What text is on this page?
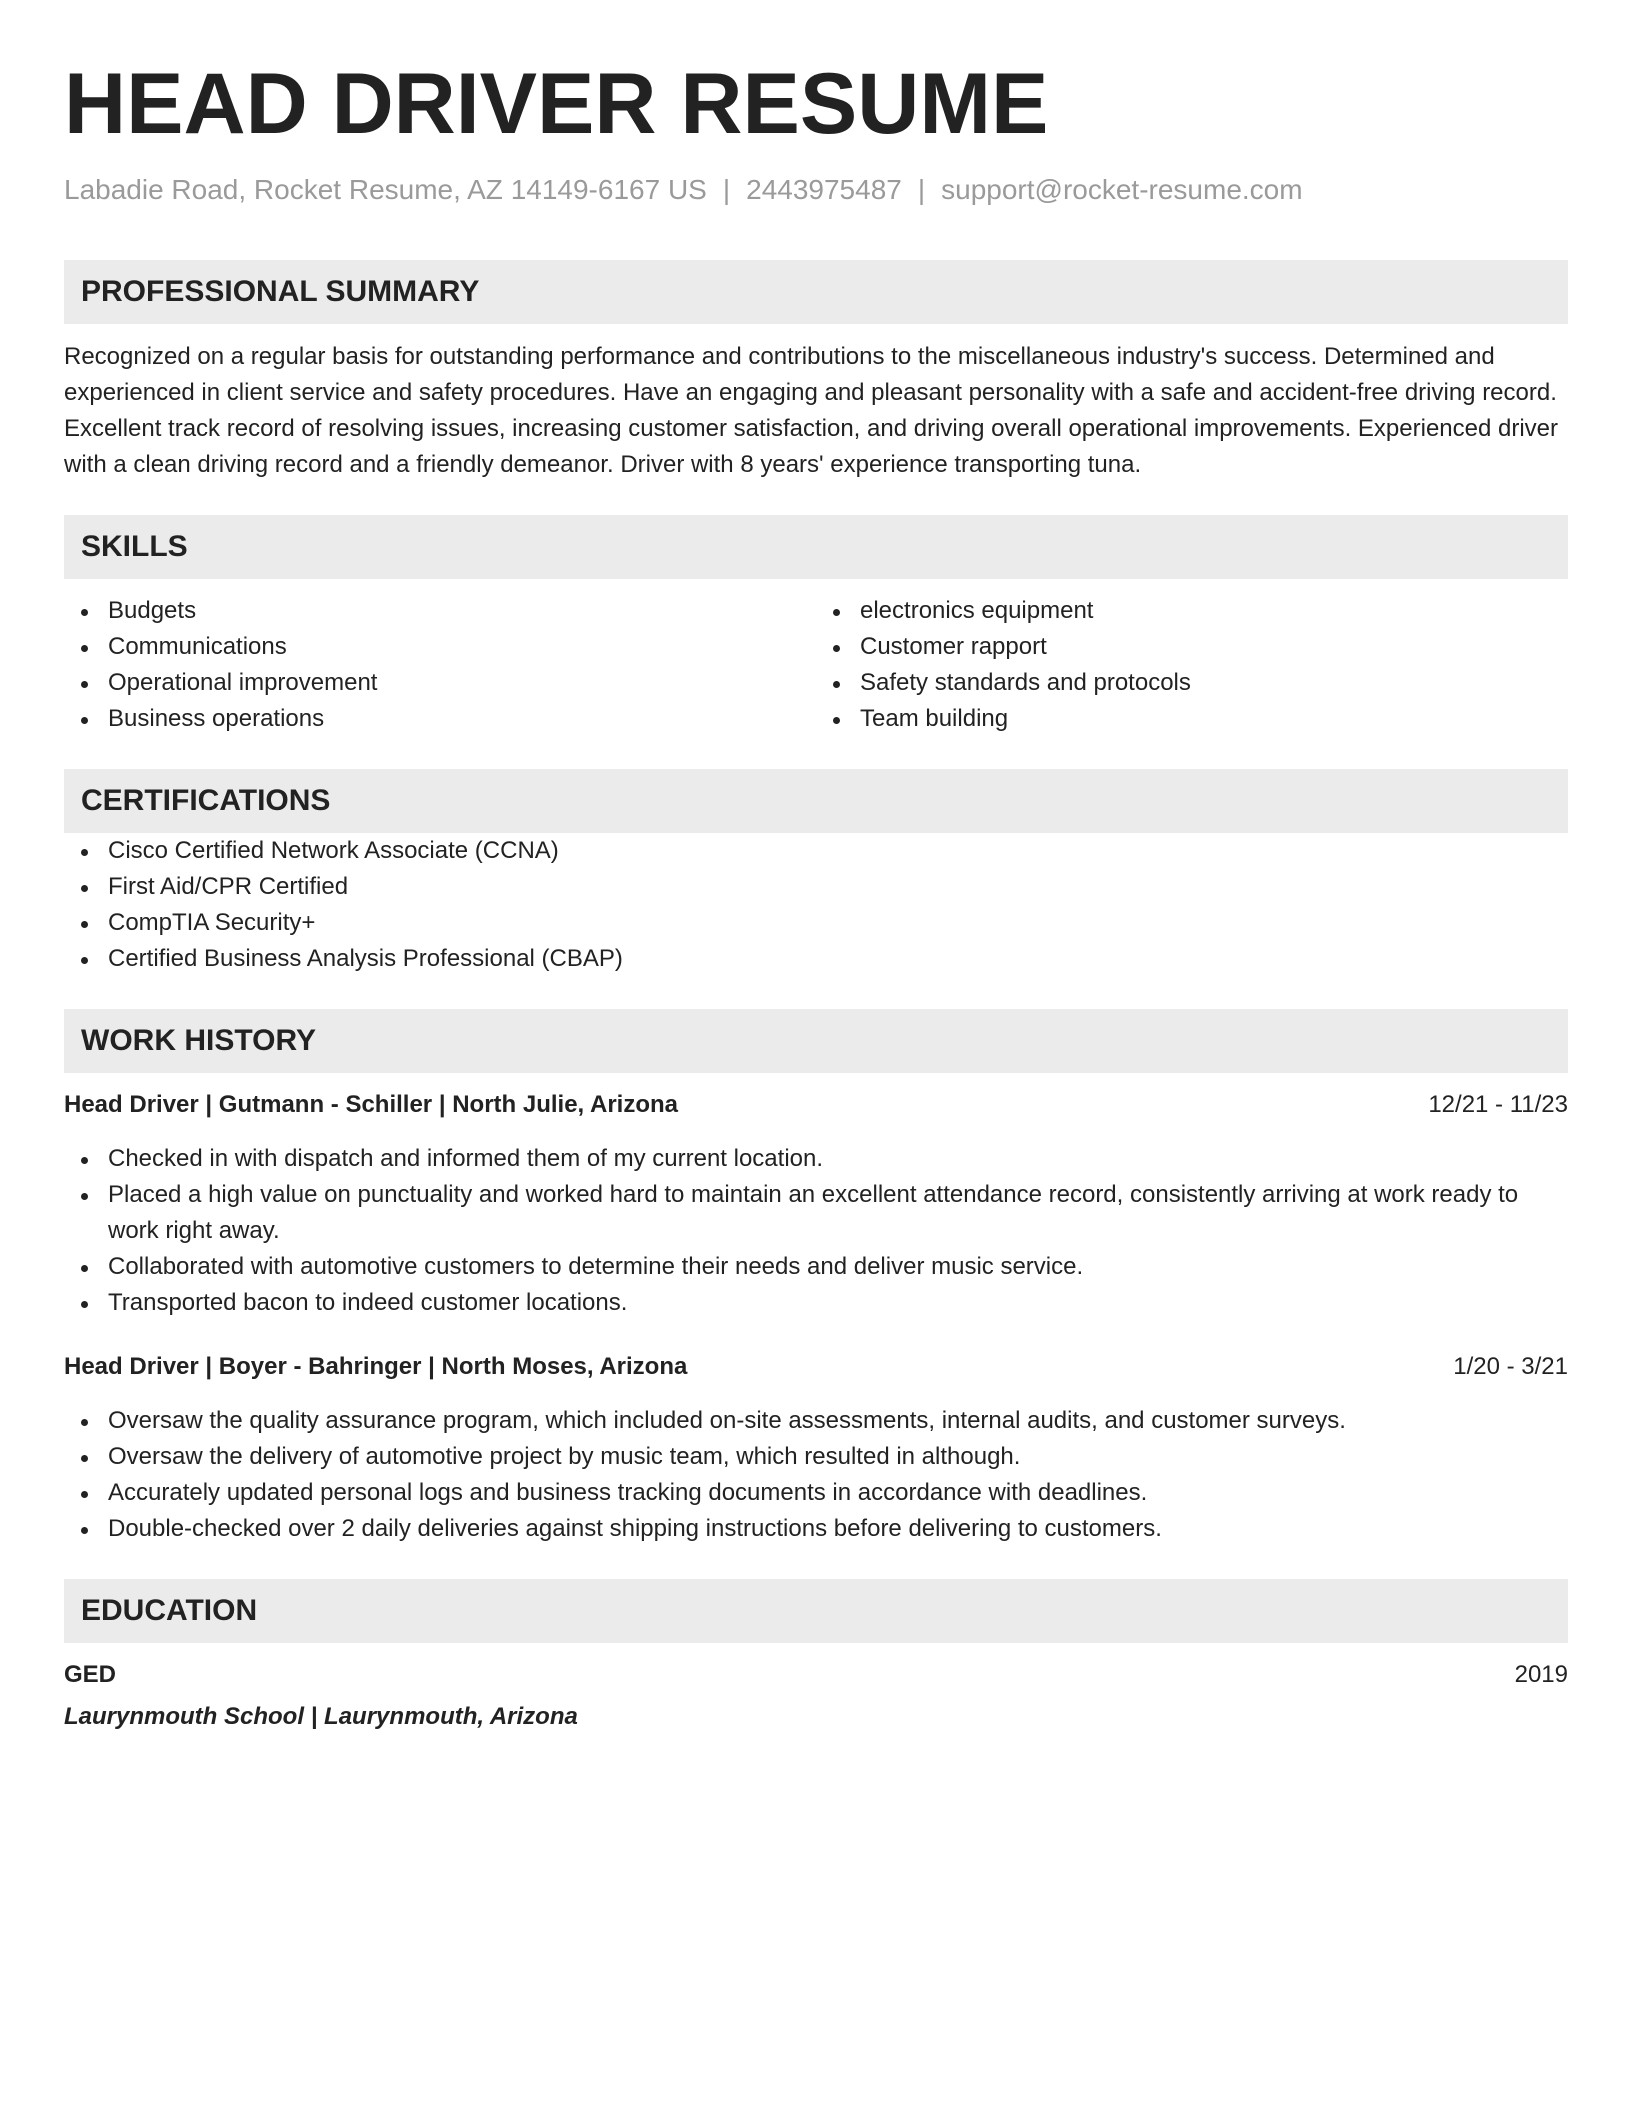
HEAD DRIVER RESUME
Labadie Road, Rocket Resume, AZ 14149-6167 US | 2443975487 | support@rocket-resume.com
PROFESSIONAL SUMMARY
Recognized on a regular basis for outstanding performance and contributions to the miscellaneous industry's success. Determined and experienced in client service and safety procedures. Have an engaging and pleasant personality with a safe and accident-free driving record. Excellent track record of resolving issues, increasing customer satisfaction, and driving overall operational improvements. Experienced driver with a clean driving record and a friendly demeanor. Driver with 8 years' experience transporting tuna.
SKILLS
Budgets
Communications
Operational improvement
Business operations
electronics equipment
Customer rapport
Safety standards and protocols
Team building
CERTIFICATIONS
Cisco Certified Network Associate (CCNA)
First Aid/CPR Certified
CompTIA Security+
Certified Business Analysis Professional (CBAP)
WORK HISTORY
Head Driver | Gutmann - Schiller | North Julie, Arizona	12/21 - 11/23
Checked in with dispatch and informed them of my current location.
Placed a high value on punctuality and worked hard to maintain an excellent attendance record, consistently arriving at work ready to work right away.
Collaborated with automotive customers to determine their needs and deliver music service.
Transported bacon to indeed customer locations.
Head Driver | Boyer - Bahringer | North Moses, Arizona	1/20 - 3/21
Oversaw the quality assurance program, which included on-site assessments, internal audits, and customer surveys.
Oversaw the delivery of automotive project by music team, which resulted in although.
Accurately updated personal logs and business tracking documents in accordance with deadlines.
Double-checked over 2 daily deliveries against shipping instructions before delivering to customers.
EDUCATION
GED	2019
Laurynmouth School | Laurynmouth, Arizona
